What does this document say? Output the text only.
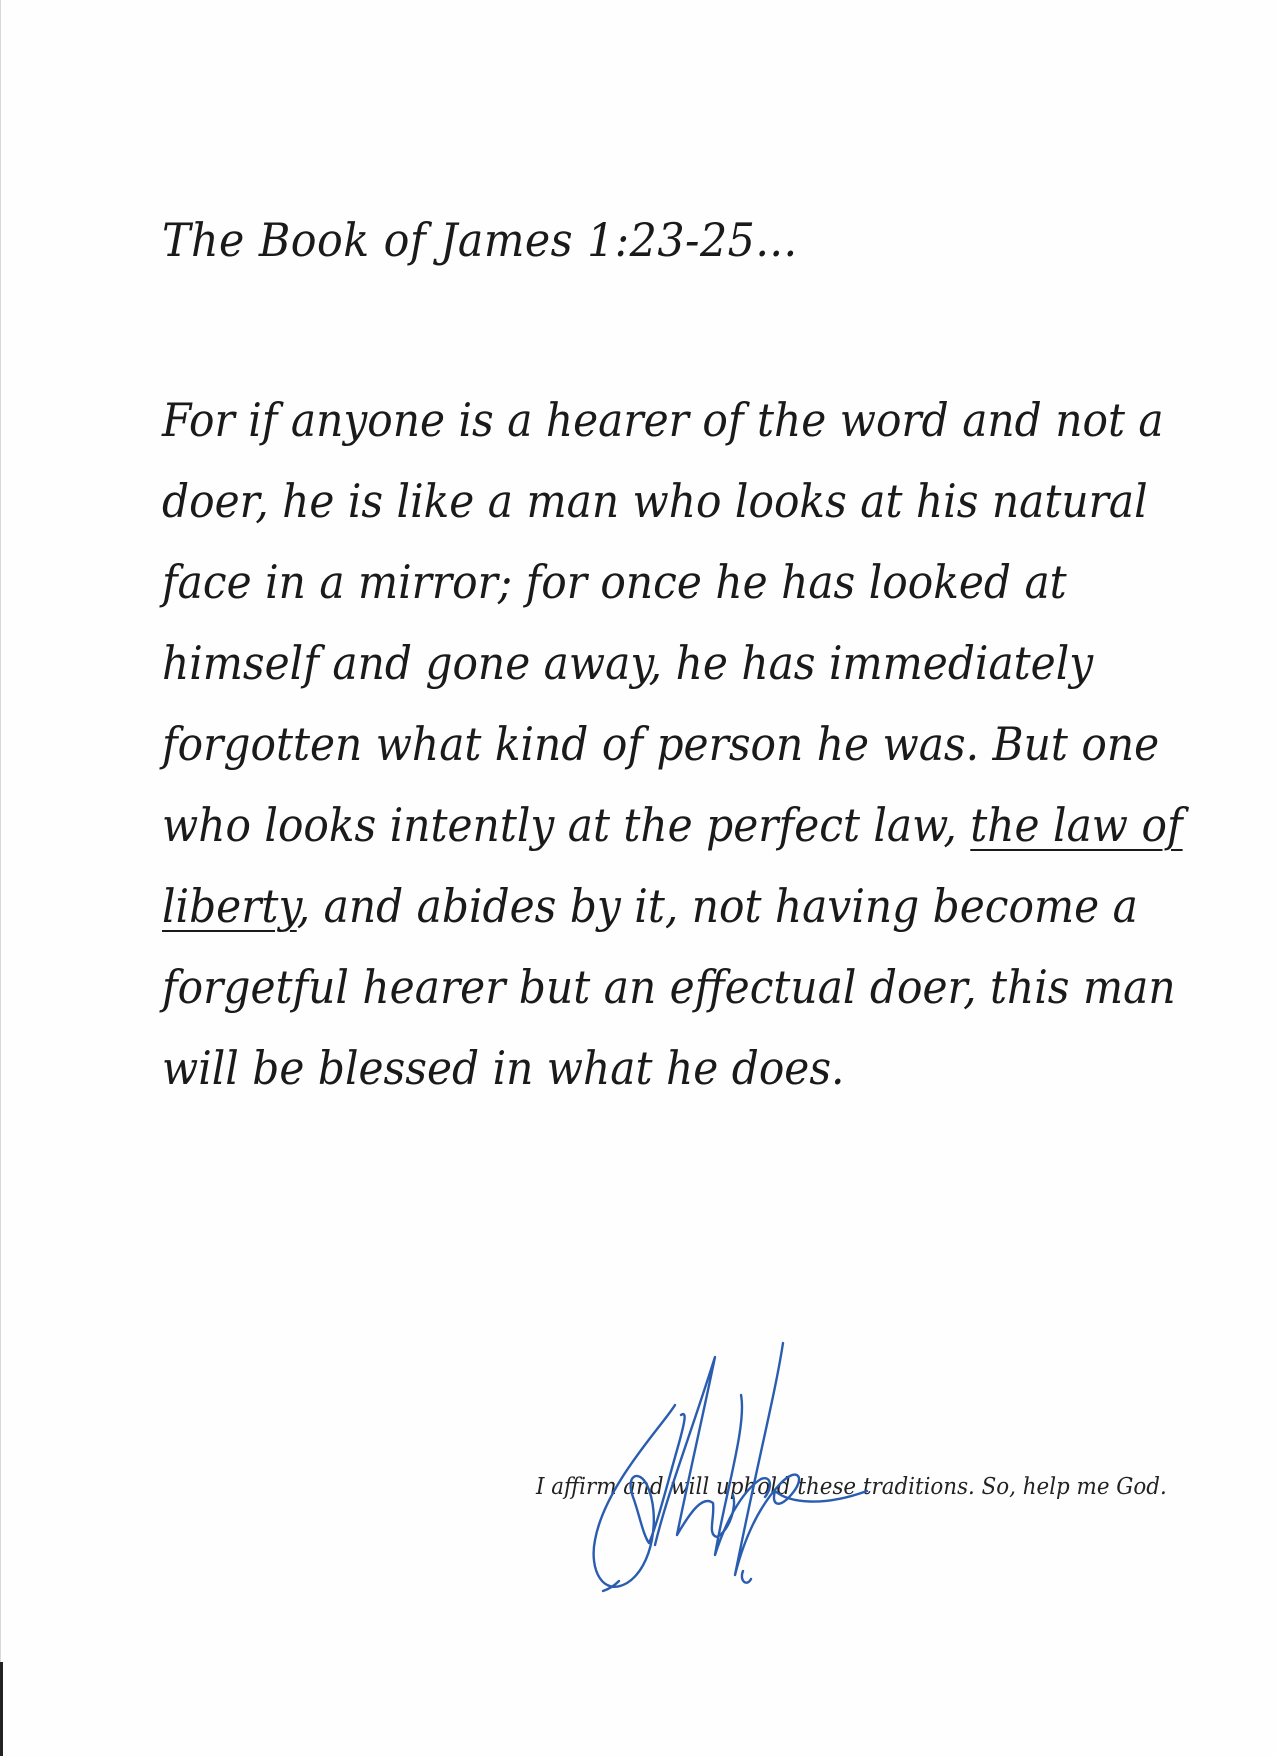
The Book of James 1:23-25...
For if anyone is a hearer of the word and not a
doer, he is like a man who looks at his natural
face in a mirror; for once he has looked at
himself and gone away, he has immediately
forgotten what kind of person he was. But one
who looks intently at the perfect law, the law of
liberty, and abides by it, not having become a
forgetful hearer but an effectual doer, this man
will be blessed in what he does.
I affirm and will uphold these traditions. So, help me God.
